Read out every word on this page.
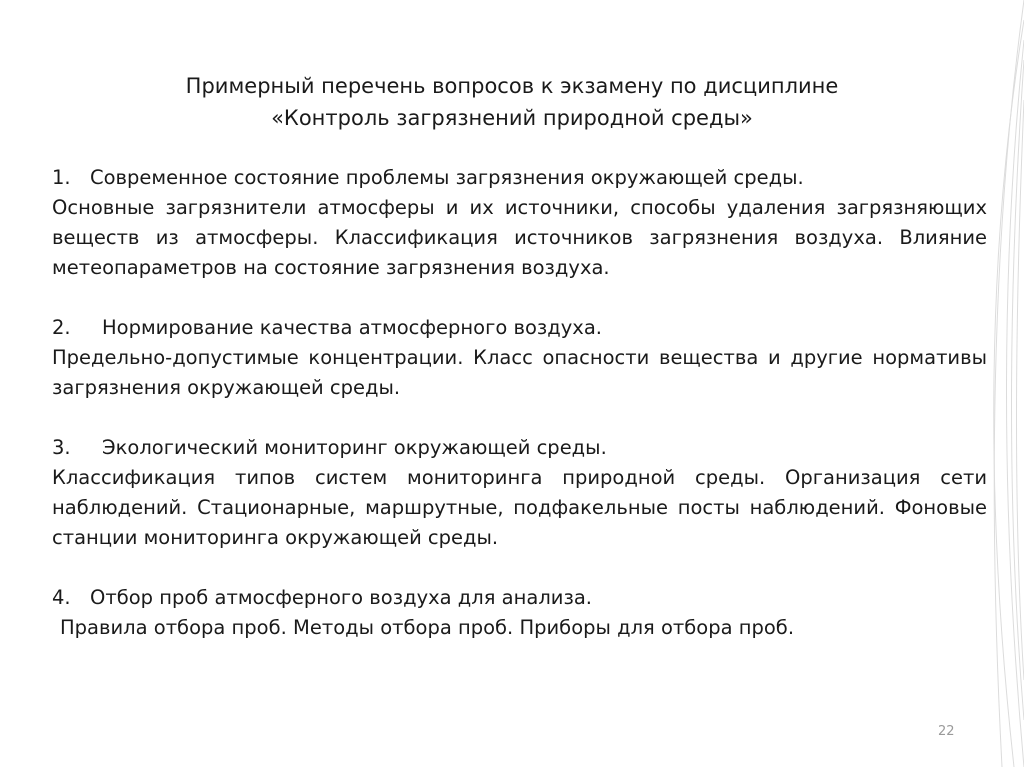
Примерный перечень вопросов к экзамену по дисциплине
«Контроль загрязнений природной среды»
1. Современное состояние проблемы загрязнения окружающей среды.
Основные загрязнители атмосферы и их источники, способы удаления загрязняющих веществ из атмосферы. Классификация источников загрязнения воздуха. Влияние метеопараметров на состояние загрязнения воздуха.
2.	Нормирование качества атмосферного воздуха.
Предельно-допустимые концентрации. Класс опасности вещества и другие нормативы загрязнения окружающей среды.
3.	Экологический мониторинг окружающей среды.
Классификация типов систем мониторинга природной среды. Организация сети наблюдений. Стационарные, маршрутные, подфакельные посты наблюдений. Фоновые станции мониторинга окружающей среды.
4. Отбор проб атмосферного воздуха для анализа.
Правила отбора проб. Методы отбора проб. Приборы для отбора проб.
22
